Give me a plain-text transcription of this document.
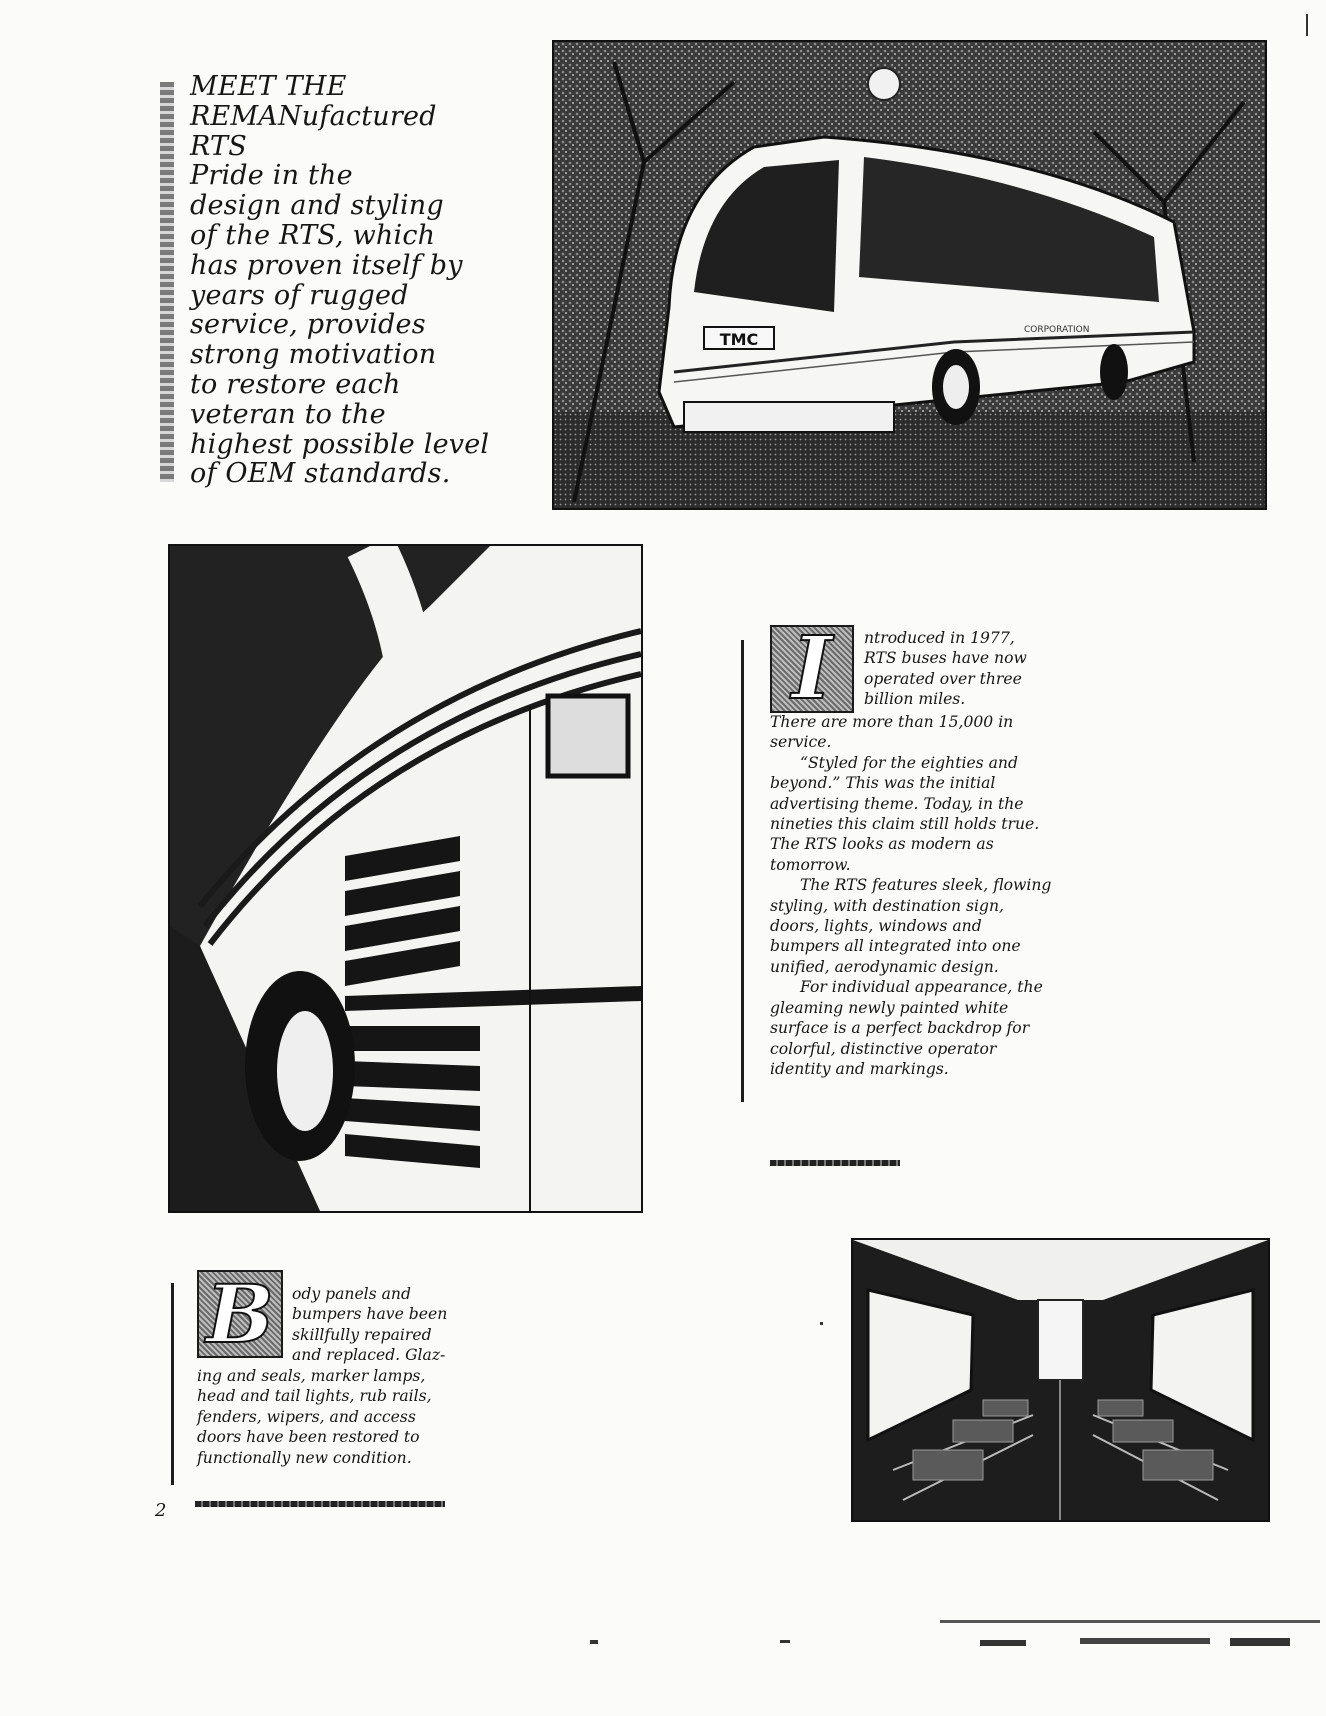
MEET THE
REMANufactured
RTS
Pride in the
design and styling
of the RTS, which
has proven itself by
years of rugged
service, provides
strong motivation
to restore each
veteran to the
highest possible level
of OEM standards.
TMC	CORPORATION
I	ntroduced in 1977,

RTS buses have now

operated over three

billion miles.

There are more than 15,000 in service.

“Styled for the eighties and beyond.” This was the initial advertising theme. Today, in the nineties this claim still holds true. The RTS looks as modern as tomorrow.

The RTS features sleek, flowing styling, with destination sign, doors, lights, windows and bumpers all integrated into one unified, aerodynamic design.

For individual appearance, the gleaming newly painted white surface is a perfect backdrop for colorful, distinctive operator identity and markings.

B	ody panels and

bumpers have been

skillfully repaired

and replaced. Glaz-

ing and seals, marker lamps, head and tail lights, rub rails, fenders, wipers, and access doors have been restored to functionally new condition.

2
